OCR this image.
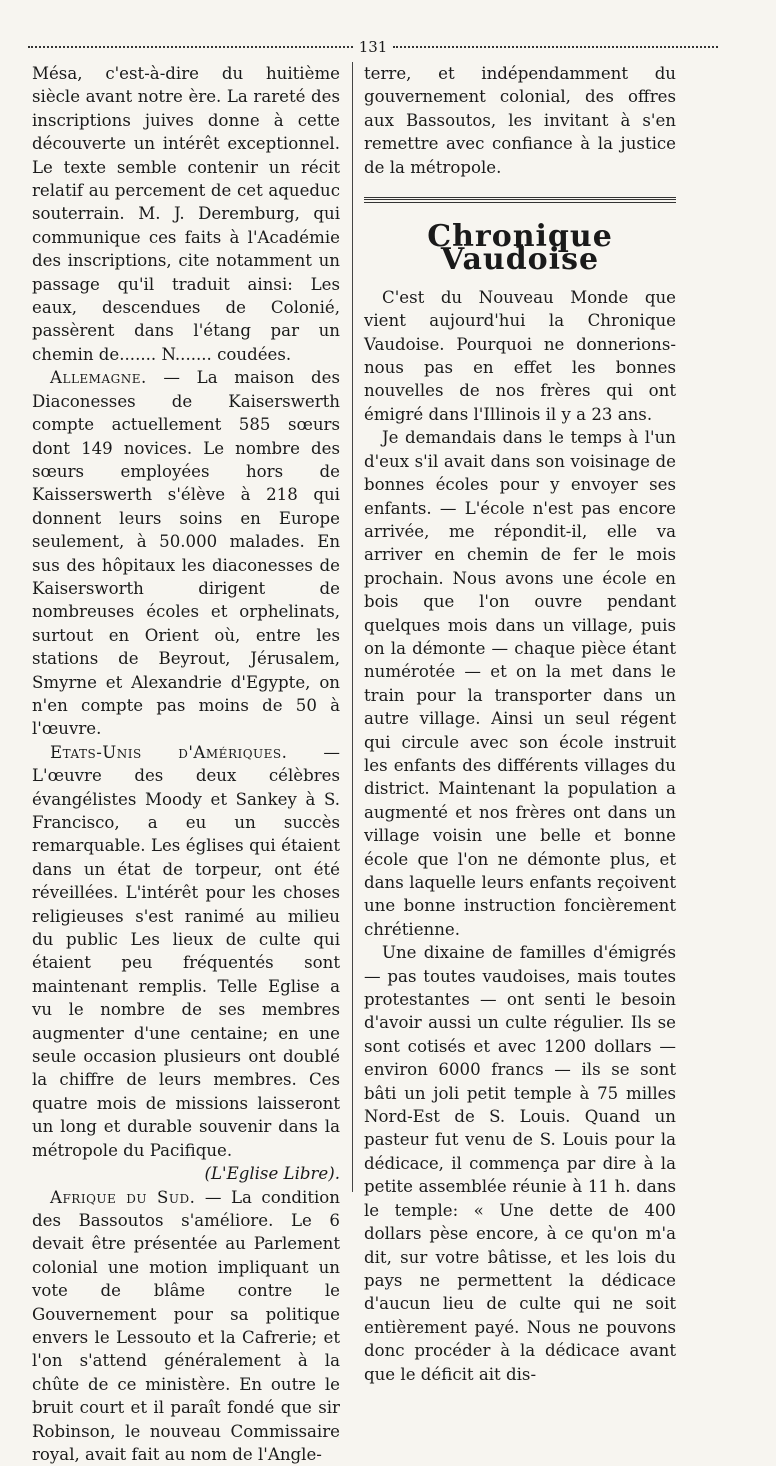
131

Mésa, c'est-à-dire du huitième siècle avant notre ère. La rareté des inscriptions juives donne à cette découverte un intérêt exceptionnel. Le texte semble contenir un récit relatif au percement de cet aqueduc souterrain. M. J. Deremburg, qui communique ces faits à l'Académie des inscriptions, cite notamment un passage qu'il traduit ainsi: Les eaux, descendues de Colonié, passèrent dans l'étang par un chemin de....... N....... coudées.

Allemagne. — La maison des Diaconesses de Kaiserswerth compte actuellement 585 sœurs dont 149 novices. Le nombre des sœurs employées hors de Kaisserswerth s'élève à 218 qui donnent leurs soins en Europe seulement, à 50.000 malades. En sus des hôpitaux les diaconesses de Kaisersworth dirigent de nombreuses écoles et orphelinats, surtout en Orient où, entre les stations de Beyrout, Jérusalem, Smyrne et Alexandrie d'Egypte, on n'en compte pas moins de 50 à l'œuvre.

Etats-Unis d'Amériques. — L'œuvre des deux célèbres évangélistes Moody et Sankey à S. Francisco, a eu un succès remarquable. Les églises qui étaient dans un état de torpeur, ont été réveillées. L'intérêt pour les choses religieuses s'est ranimé au milieu du public Les lieux de culte qui étaient peu fréquentés sont maintenant remplis. Telle Eglise a vu le nombre de ses membres augmenter d'une centaine; en une seule occasion plusieurs ont doublé la chiffre de leurs membres. Ces quatre mois de missions laisseront un long et durable souvenir dans la métropole du Pacifique.

(L'Eglise Libre).

Afrique du Sud. — La condition des Bassoutos s'améliore. Le 6 devait être présentée au Parlement colonial une motion impliquant un vote de blâme contre le Gouvernement pour sa politique envers le Lessouto et la Cafrerie; et l'on s'attend généralement à la chûte de ce ministère. En outre le bruit court et il paraît fondé que sir Robinson, le nouveau Commissaire royal, avait fait au nom de l'Angle-

terre, et indépendamment du gouvernement colonial, des offres aux Bassoutos, les invitant à s'en remettre avec confiance à la justice de la métropole.

Chronique Vaudoise

C'est du Nouveau Monde que vient aujourd'hui la Chronique Vaudoise. Pourquoi ne donnerions-nous pas en effet les bonnes nouvelles de nos frères qui ont émigré dans l'Illinois il y a 23 ans.

Je demandais dans le temps à l'un d'eux s'il avait dans son voisinage de bonnes écoles pour y envoyer ses enfants. — L'école n'est pas encore arrivée, me répondit-il, elle va arriver en chemin de fer le mois prochain. Nous avons une école en bois que l'on ouvre pendant quelques mois dans un village, puis on la démonte — chaque pièce étant numérotée — et on la met dans le train pour la transporter dans un autre village. Ainsi un seul régent qui circule avec son école instruit les enfants des différents villages du district. Maintenant la population a augmenté et nos frères ont dans un village voisin une belle et bonne école que l'on ne démonte plus, et dans laquelle leurs enfants reçoivent une bonne instruction foncièrement chrétienne.

Une dixaine de familles d'émigrés — pas toutes vaudoises, mais toutes protestantes — ont senti le besoin d'avoir aussi un culte régulier. Ils se sont cotisés et avec 1200 dollars — environ 6000 francs — ils se sont bâti un joli petit temple à 75 milles Nord-Est de S. Louis. Quand un pasteur fut venu de S. Louis pour la dédicace, il commença par dire à la petite assemblée réunie à 11 h. dans le temple: « Une dette de 400 dollars pèse encore, à ce qu'on m'a dit, sur votre bâtisse, et les lois du pays ne permettent la dédicace d'aucun lieu de culte qui ne soit entièrement payé. Nous ne pouvons donc procéder à la dédicace avant que le déficit ait dis-
